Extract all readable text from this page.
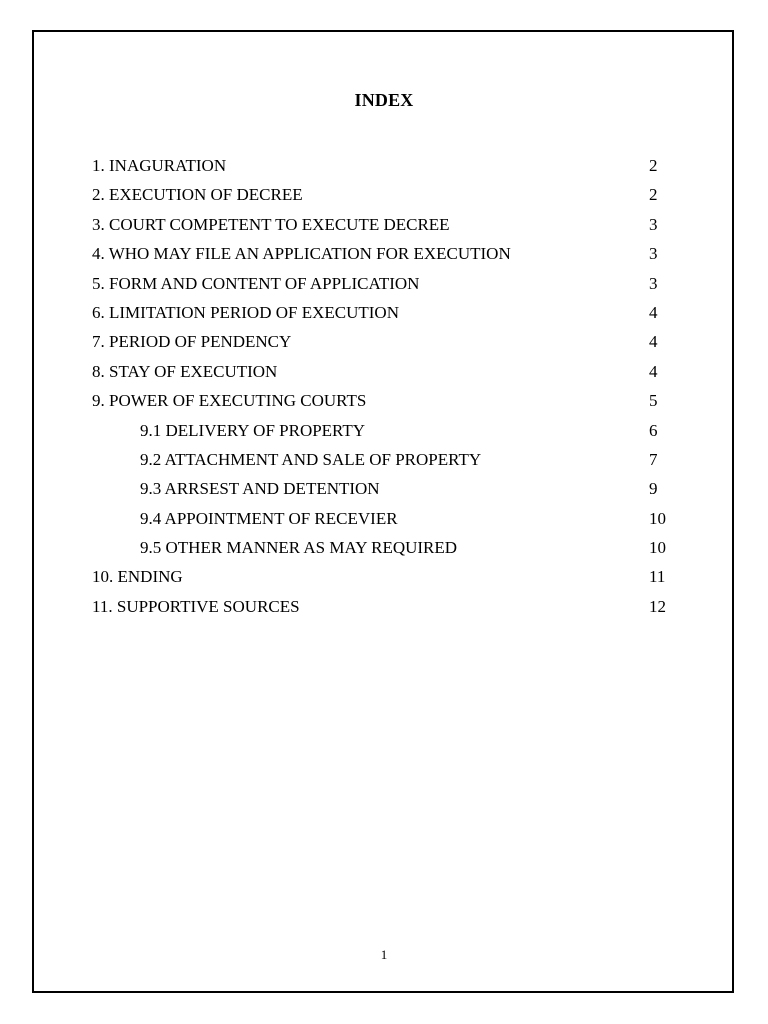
INDEX
1. INAGURATION	2
2. EXECUTION OF DECREE	2
3. COURT COMPETENT TO EXECUTE DECREE	3
4. WHO MAY FILE AN APPLICATION FOR EXECUTION	3
5. FORM AND CONTENT OF APPLICATION	3
6. LIMITATION PERIOD OF EXECUTION	4
7. PERIOD OF PENDENCY	4
8. STAY OF EXECUTION	4
9. POWER OF EXECUTING COURTS	5
9.1 DELIVERY OF PROPERTY	6
9.2 ATTACHMENT AND SALE OF PROPERTY	7
9.3 ARRSEST AND DETENTION	9
9.4 APPOINTMENT OF RECEVIER	10
9.5 OTHER MANNER AS MAY REQUIRED	10
10. ENDING	11
11. SUPPORTIVE SOURCES	12
1
